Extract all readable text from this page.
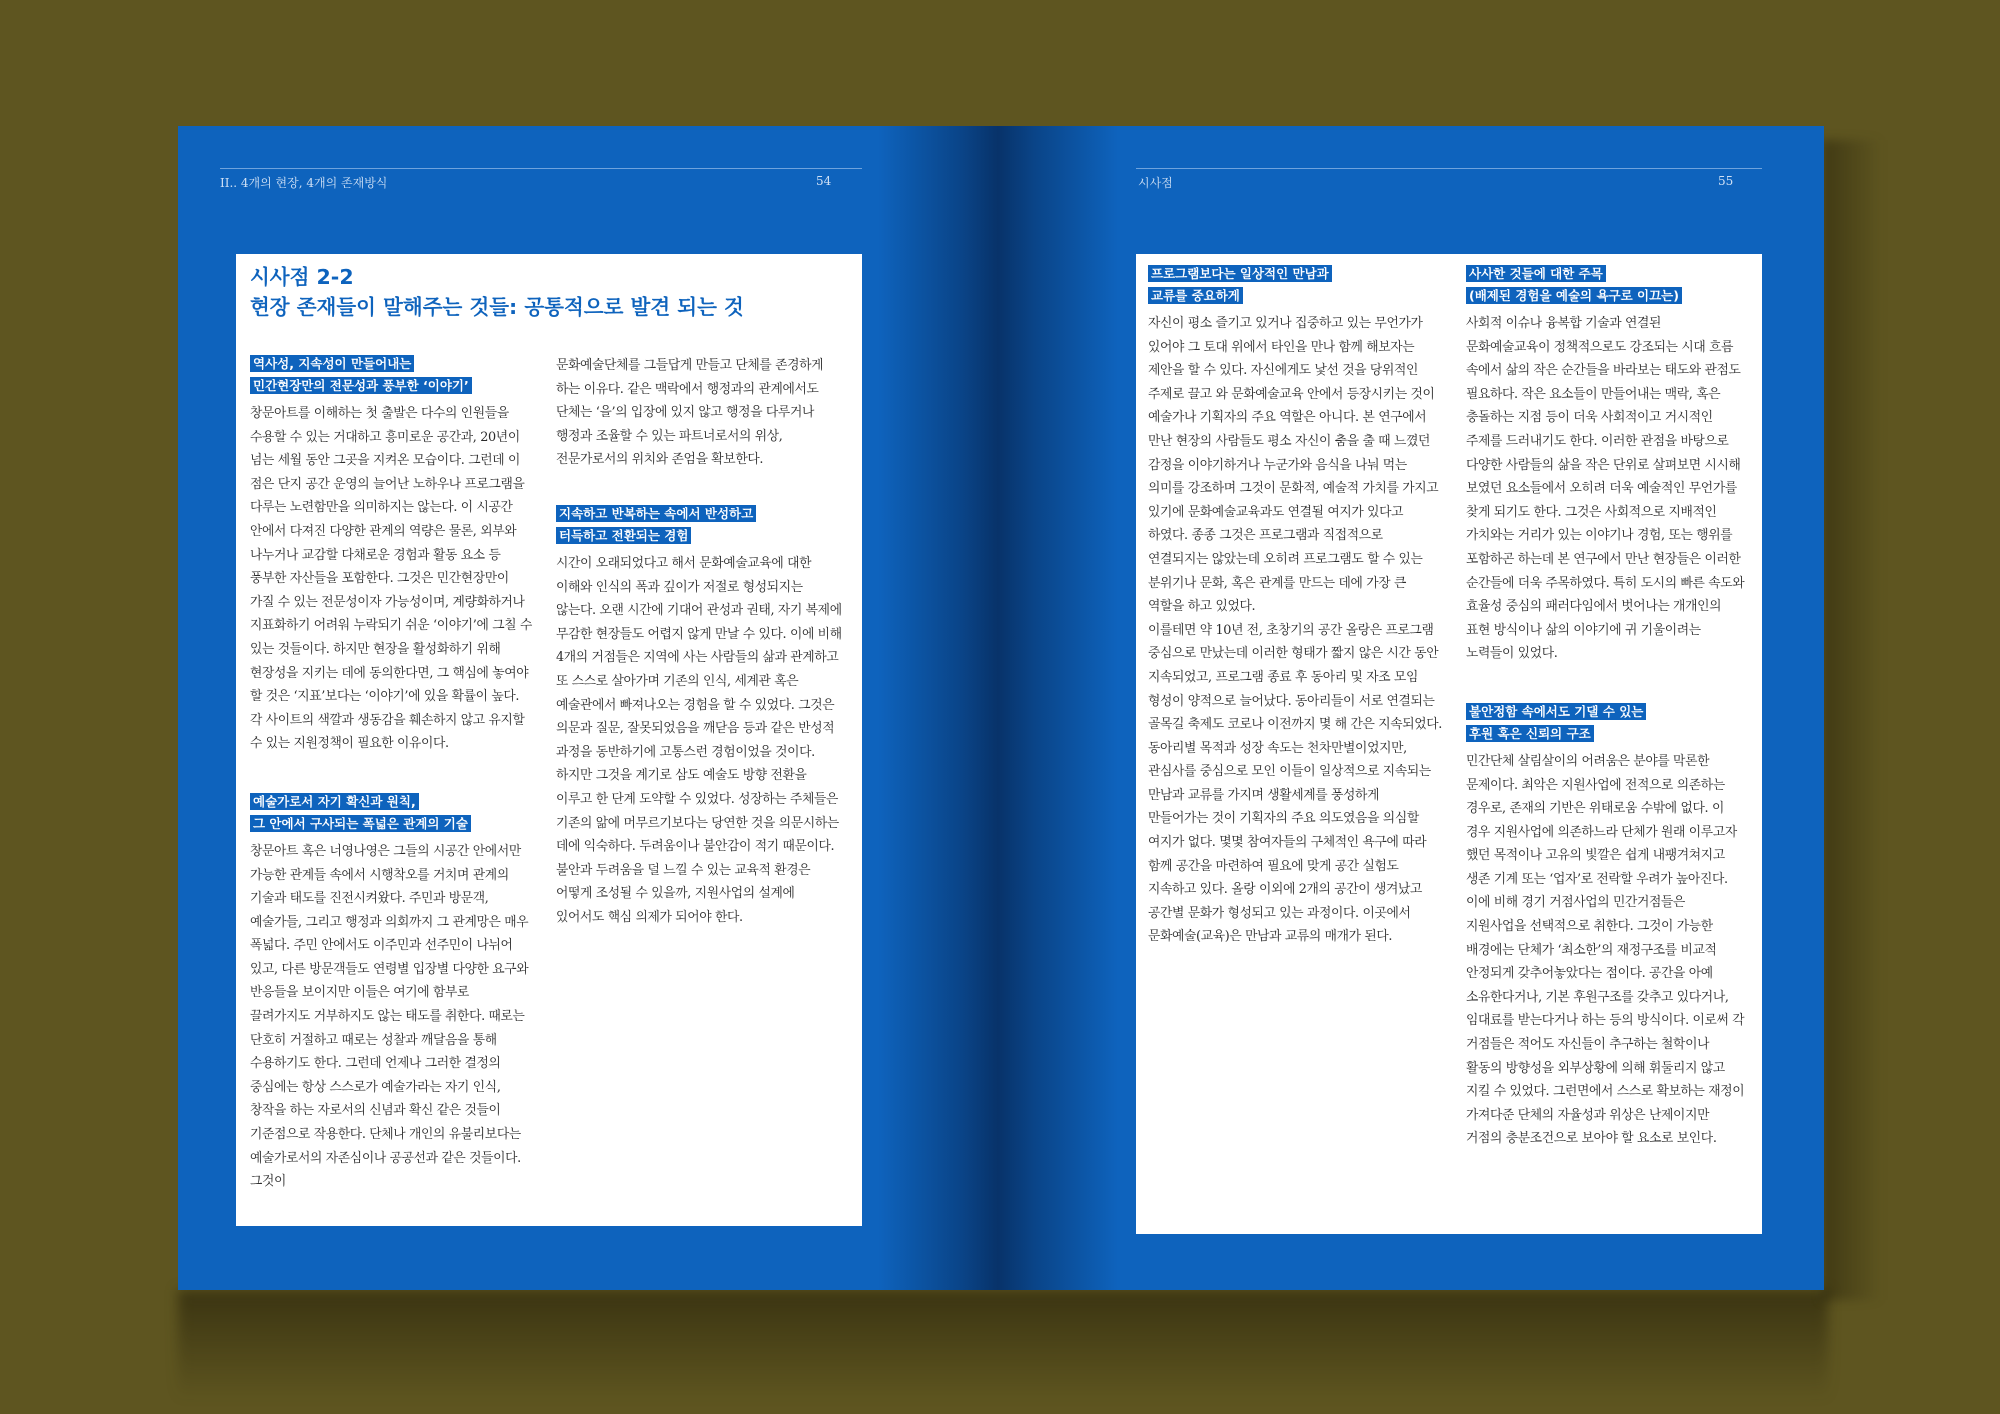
II.. 4개의 현장, 4개의 존재방식	54	시사점	55

시사점 2-2

현장 존재들이 말해주는 것들: 공통적으로 발견 되는 것

역사성, 지속성이 만들어내는
민간현장만의 전문성과 풍부한 ‘이야기’

창문아트를 이해하는 첫 출발은 다수의 인원들을 수용할 수 있는 거대하고 흥미로운 공간과, 20년이 넘는 세월 동안 그곳을 지켜온 모습이다. 그런데 이 점은 단지 공간 운영의 늘어난 노하우나 프로그램을 다루는 노련함만을 의미하지는 않는다. 이 시공간 안에서 다져진 다양한 관계의 역량은 물론, 외부와 나누거나 교감할 다채로운 경험과 활동 요소 등 풍부한 자산들을 포함한다. 그것은 민간현장만이 가질 수 있는 전문성이자 가능성이며, 계량화하거나 지표화하기 어려워 누락되기 쉬운 ‘이야기’에 그칠 수 있는 것들이다. 하지만 현장을 활성화하기 위해 현장성을 지키는 데에 동의한다면, 그 핵심에 놓여야 할 것은 ‘지표’보다는 ‘이야기’에 있을 확률이 높다. 각 사이트의 색깔과 생동감을 훼손하지 않고 유지할 수 있는 지원정책이 필요한 이유이다.

예술가로서 자기 확신과 원칙,
그 안에서 구사되는 폭넓은 관계의 기술

창문아트 혹은 너영나영은 그들의 시공간 안에서만 가능한 관계들 속에서 시행착오를 거치며 관계의 기술과 태도를 진전시켜왔다. 주민과 방문객, 예술가들, 그리고 행정과 의회까지 그 관계망은 매우 폭넓다. 주민 안에서도 이주민과 선주민이 나뉘어 있고, 다른 방문객들도 연령별 입장별 다양한 요구와 반응들을 보이지만 이들은 여기에 함부로 끌려가지도 거부하지도 않는 태도를 취한다. 때로는 단호히 거절하고 때로는 성찰과 깨달음을 통해 수용하기도 한다. 그런데 언제나 그러한 결정의 중심에는 항상 스스로가 예술가라는 자기 인식, 창작을 하는 자로서의 신념과 확신 같은 것들이 기준점으로 작용한다. 단체나 개인의 유불리보다는 예술가로서의 자존심이나 공공선과 같은 것들이다. 그것이

문화예술단체를 그들답게 만들고 단체를 존경하게 하는 이유다. 같은 맥락에서 행정과의 관계에서도 단체는 ‘을’의 입장에 있지 않고 행정을 다루거나 행정과 조율할 수 있는 파트너로서의 위상, 전문가로서의 위치와 존엄을 확보한다.

지속하고 반복하는 속에서 반성하고
터득하고 전환되는 경험

시간이 오래되었다고 해서 문화예술교육에 대한 이해와 인식의 폭과 깊이가 저절로 형성되지는 않는다. 오랜 시간에 기대어 관성과 권태, 자기 복제에 무감한 현장들도 어렵지 않게 만날 수 있다. 이에 비해 4개의 거점들은 지역에 사는 사람들의 삶과 관계하고 또 스스로 살아가며 기존의 인식, 세계관 혹은 예술관에서 빠져나오는 경험을 할 수 있었다. 그것은 의문과 질문, 잘못되었음을 깨닫음 등과 같은 반성적 과정을 동반하기에 고통스런 경험이었을 것이다. 하지만 그것을 계기로 삼도 예술도 방향 전환을 이루고 한 단계 도약할 수 있었다. 성장하는 주체들은 기존의 앎에 머무르기보다는 당연한 것을 의문시하는 데에 익숙하다. 두려움이나 불안감이 적기 때문이다. 불안과 두려움을 덜 느낄 수 있는 교육적 환경은 어떻게 조성될 수 있을까, 지원사업의 설계에 있어서도 핵심 의제가 되어야 한다.

프로그램보다는 일상적인 만남과
교류를 중요하게

자신이 평소 즐기고 있거나 집중하고 있는 무언가가 있어야 그 토대 위에서 타인을 만나 함께 해보자는 제안을 할 수 있다. 자신에게도 낯선 것을 당위적인 주제로 끌고 와 문화예술교육 안에서 등장시키는 것이 예술가나 기획자의 주요 역할은 아니다. 본 연구에서 만난 현장의 사람들도 평소 자신이 춤을 출 때 느꼈던 감정을 이야기하거나 누군가와 음식을 나눠 먹는 의미를 강조하며 그것이 문화적, 예술적 가치를 가지고 있기에 문화예술교육과도 연결될 여지가 있다고 하였다. 종종 그것은 프로그램과 직접적으로 연결되지는 않았는데 오히려 프로그램도 할 수 있는 분위기나 문화, 혹은 관계를 만드는 데에 가장 큰 역할을 하고 있었다.

이를테면 약 10년 전, 초창기의 공간 올랑은 프로그램 중심으로 만났는데 이러한 형태가 짧지 않은 시간 동안 지속되었고, 프로그램 종료 후 동아리 및 자조 모임 형성이 양적으로 늘어났다. 동아리들이 서로 연결되는 골목길 축제도 코로나 이전까지 몇 해 간은 지속되었다. 동아리별 목적과 성장 속도는 천차만별이었지만, 관심사를 중심으로 모인 이들이 일상적으로 지속되는 만남과 교류를 가지며 생활세계를 풍성하게 만들어가는 것이 기획자의 주요 의도였음을 의심할 여지가 없다. 몇몇 참여자들의 구체적인 욕구에 따라 함께 공간을 마련하여 필요에 맞게 공간 실험도 지속하고 있다. 올랑 이외에 2개의 공간이 생겨났고 공간별 문화가 형성되고 있는 과정이다. 이곳에서 문화예술(교육)은 만남과 교류의 매개가 된다.

사사한 것들에 대한 주목
(배제된 경험을 예술의 욕구로 이끄는)

사회적 이슈나 융복합 기술과 연결된 문화예술교육이 정책적으로도 강조되는 시대 흐름 속에서 삶의 작은 순간들을 바라보는 태도와 관점도 필요하다. 작은 요소들이 만들어내는 맥락, 혹은 충돌하는 지점 등이 더욱 사회적이고 거시적인 주제를 드러내기도 한다. 이러한 관점을 바탕으로 다양한 사람들의 삶을 작은 단위로 살펴보면 시시해 보였던 요소들에서 오히려 더욱 예술적인 무언가를 찾게 되기도 한다. 그것은 사회적으로 지배적인 가치와는 거리가 있는 이야기나 경험, 또는 행위를 포함하곤 하는데 본 연구에서 만난 현장들은 이러한 순간들에 더욱 주목하였다. 특히 도시의 빠른 속도와 효율성 중심의 패러다임에서 벗어나는 개개인의 표현 방식이나 삶의 이야기에 귀 기울이려는 노력들이 있었다.

불안정함 속에서도 기댈 수 있는
후원 혹은 신뢰의 구조

민간단체 살림살이의 어려움은 분야를 막론한 문제이다. 최악은 지원사업에 전적으로 의존하는 경우로, 존재의 기반은 위태로움 수밖에 없다. 이 경우 지원사업에 의존하느라 단체가 원래 이루고자 했던 목적이나 고유의 빛깔은 쉽게 내팽겨쳐지고 생존 기계 또는 ‘업자’로 전락할 우려가 높아진다. 이에 비해 경기 거점사업의 민간거점들은 지원사업을 선택적으로 취한다. 그것이 가능한 배경에는 단체가 ‘최소한’의 재정구조를 비교적 안정되게 갖추어놓았다는 점이다. 공간을 아예 소유한다거나, 기본 후원구조를 갖추고 있다거나, 임대료를 받는다거나 하는 등의 방식이다. 이로써 각 거점들은 적어도 자신들이 추구하는 철학이나 활동의 방향성을 외부상황에 의해 휘둘리지 않고 지킬 수 있었다. 그런면에서 스스로 확보하는 재정이 가져다준 단체의 자율성과 위상은 난제이지만 거점의 충분조건으로 보아야 할 요소로 보인다.
